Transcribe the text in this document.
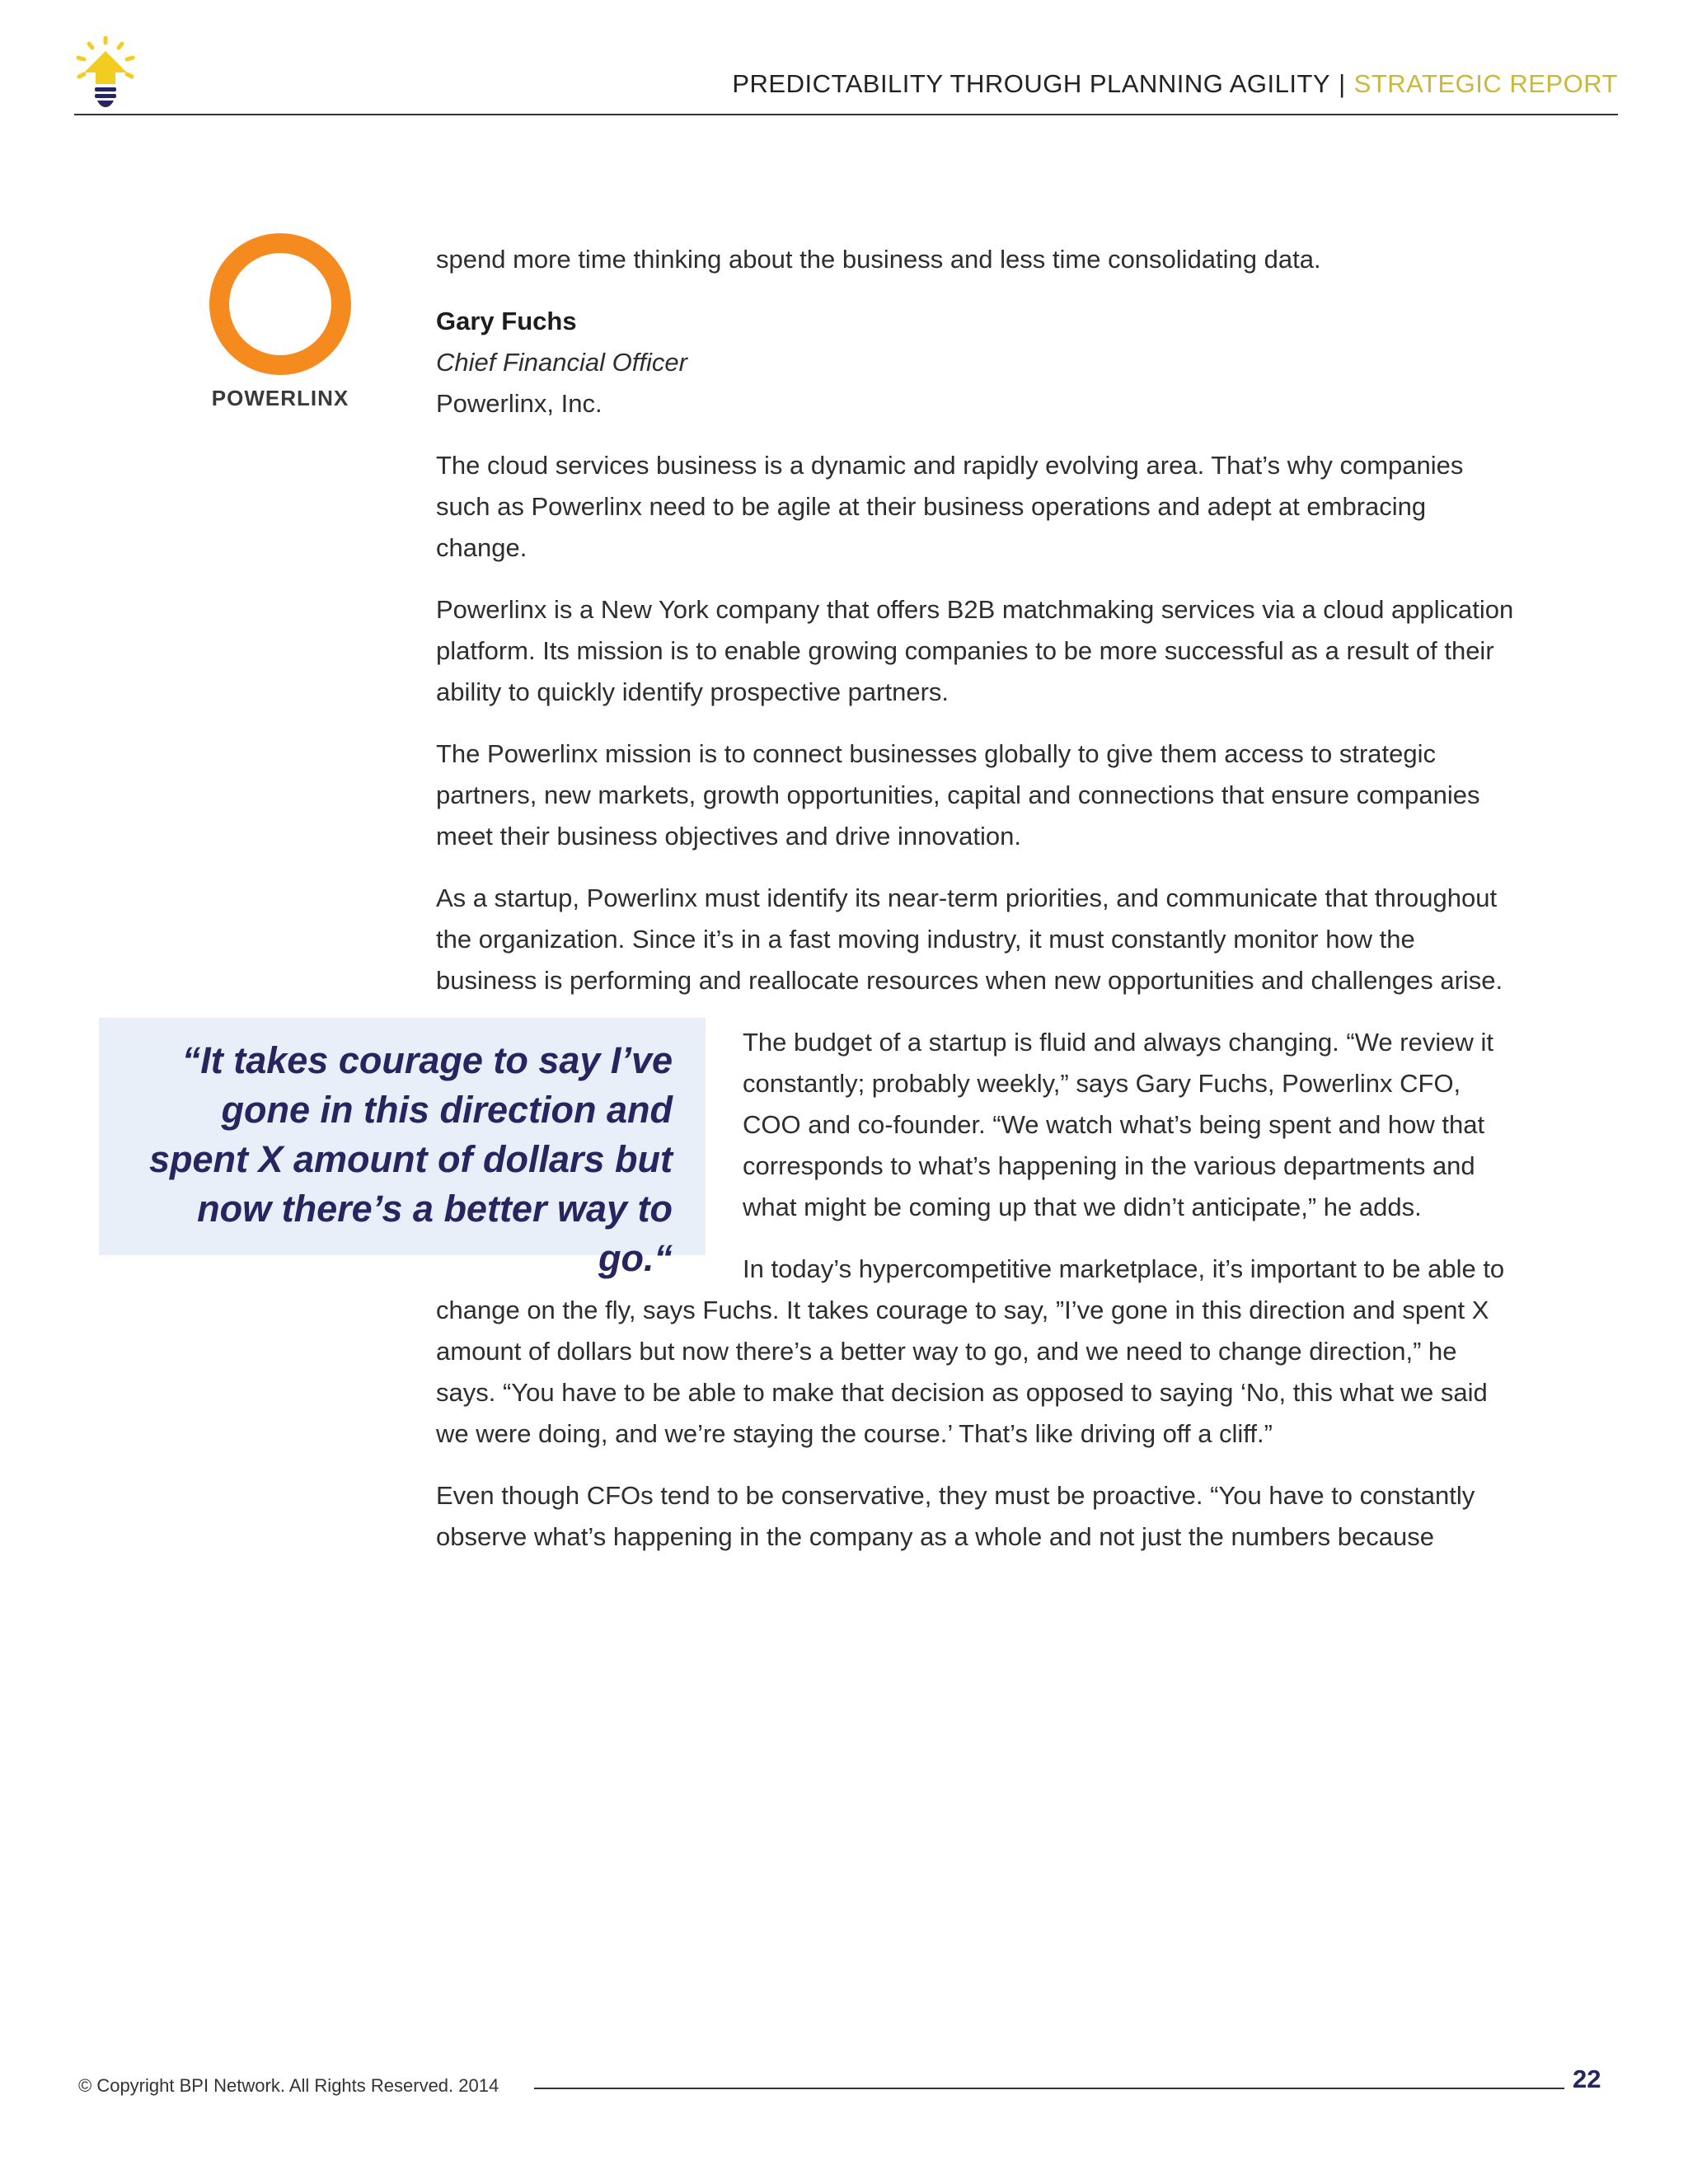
PREDICTABILITY THROUGH PLANNING AGILITY | STRATEGIC REPORT
POWERLINX

spend more time thinking about the business and less time consolidating data.

Gary Fuchs
Chief Financial Officer
Powerlinx, Inc.

The cloud services business is a dynamic and rapidly evolving area. That’s why companies such as Powerlinx need to be agile at their business operations and adept at embracing change.

Powerlinx is a New York company that offers B2B matchmaking services via a cloud application platform. Its mission is to enable growing companies to be more successful as a result of their ability to quickly identify prospective partners.

The Powerlinx mission is to connect businesses globally to give them access to strategic partners, new markets, growth opportunities, capital and connections that ensure companies meet their business objectives and drive innovation.

As a startup, Powerlinx must identify its near-term priorities, and communicate that throughout the organization. Since it’s in a fast moving industry, it must constantly monitor how the business is performing and reallocate resources when new opportunities and challenges arise.

“It takes courage to say I’ve gone in this direction and spent X amount of dollars but now there’s a better way to go.“

The budget of a startup is fluid and always changing. “We review it constantly; probably weekly,” says Gary Fuchs, Powerlinx CFO, COO and co-founder. “We watch what’s being spent and how that corresponds to what’s happening in the various departments and what might be coming up that we didn’t anticipate,” he adds.

In today’s hypercompetitive marketplace, it’s important to be able to change on the fly, says Fuchs. It takes courage to say, ”I’ve gone in this direction and spent X amount of dollars but now there’s a better way to go, and we need to change direction,” he says. “You have to be able to make that decision as opposed to saying ‘No, this what we said we were doing, and we’re staying the course.’ That’s like driving off a cliff.”

Even though CFOs tend to be conservative, they must be proactive. “You have to constantly observe what’s happening in the company as a whole and not just the numbers because

© Copyright BPI Network. All Rights Reserved. 2014	22
